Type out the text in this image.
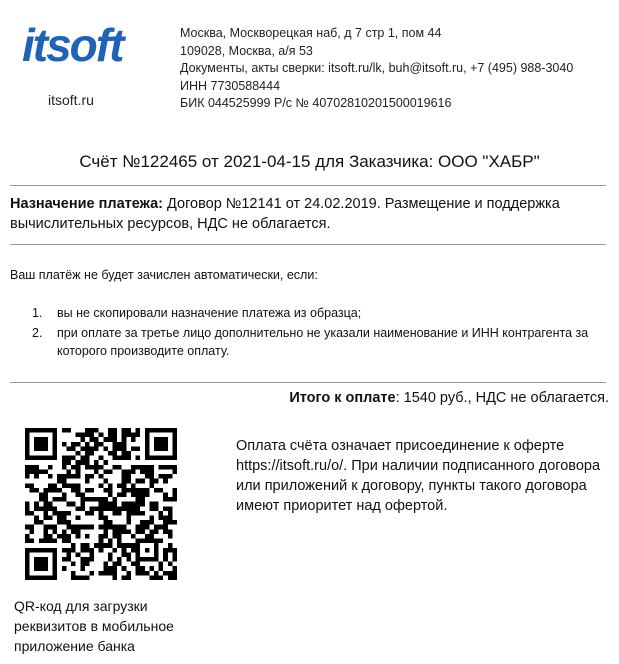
itsoft
itsoft.ru
Москва, Москворецкая наб, д 7 стр 1, пом 44
109028, Москва, а/я 53
Документы, акты сверки: itsoft.ru/lk, buh@itsoft.ru, +7 (495) 988-3040
ИНН 7730588444
БИК 044525999 Р/с № 40702810201500019616
Счёт №122465 от 2021-04-15 для Заказчика: ООО "ХАБР"
Назначение платежа: Договор №12141 от 24.02.2019. Размещение и поддержка вычислительных ресурсов, НДС не облагается.
Ваш платёж не будет зачислен автоматически, если:
1. вы не скопировали назначение платежа из образца;
2. при оплате за третье лицо дополнительно не указали наименование и ИНН контрагента за которого производите оплату.
Итого к оплате: 1540 руб., НДС не облагается.
QR-код для загрузки реквизитов в мобильное приложение банка
Оплата счёта означает присоединение к оферте https://itsoft.ru/o/. При наличии подписанного договора или приложений к договору, пункты такого договора имеют приоритет над офертой.
